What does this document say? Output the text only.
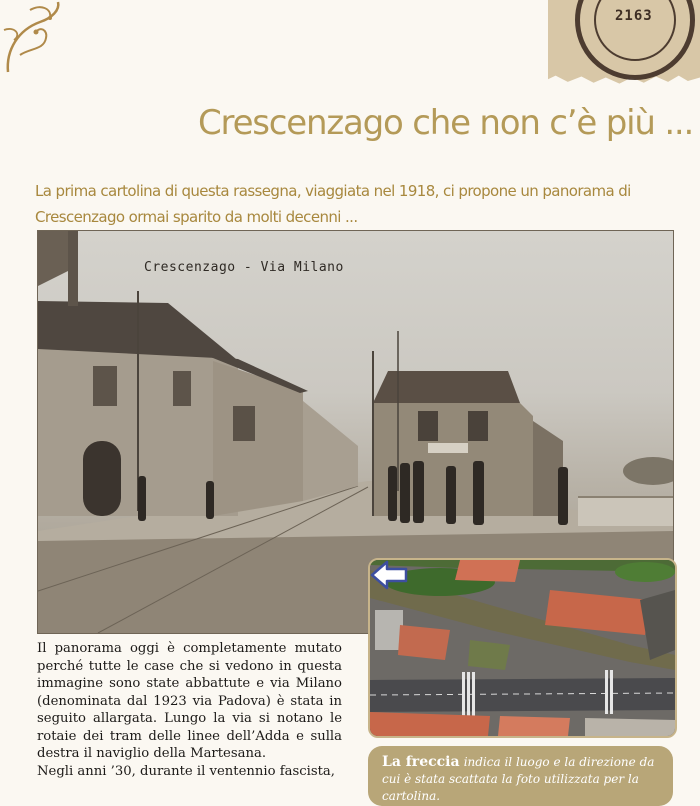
2163
Crescenzago che non c’è più ...

La prima cartolina di questa rassegna, viaggiata nel 1918, ci propone un panorama di Crescenzago ormai sparito da molti decenni ...

Crescenzago - Via Milano

Il panorama oggi è completamente mutato perché tutte le case che si vedono in questa immagine sono state abbattute e via Milano (denominata dal 1923 via Padova) è stata in seguito allargata. Lungo la via si notano le rotaie dei tram delle linee dell’Adda e sulla destra il naviglio della Martesana.

Negli anni ’30, durante il ventennio fascista,

La freccia indica il luogo e la direzione da cui è stata scattata la foto utilizzata per la cartolina.
